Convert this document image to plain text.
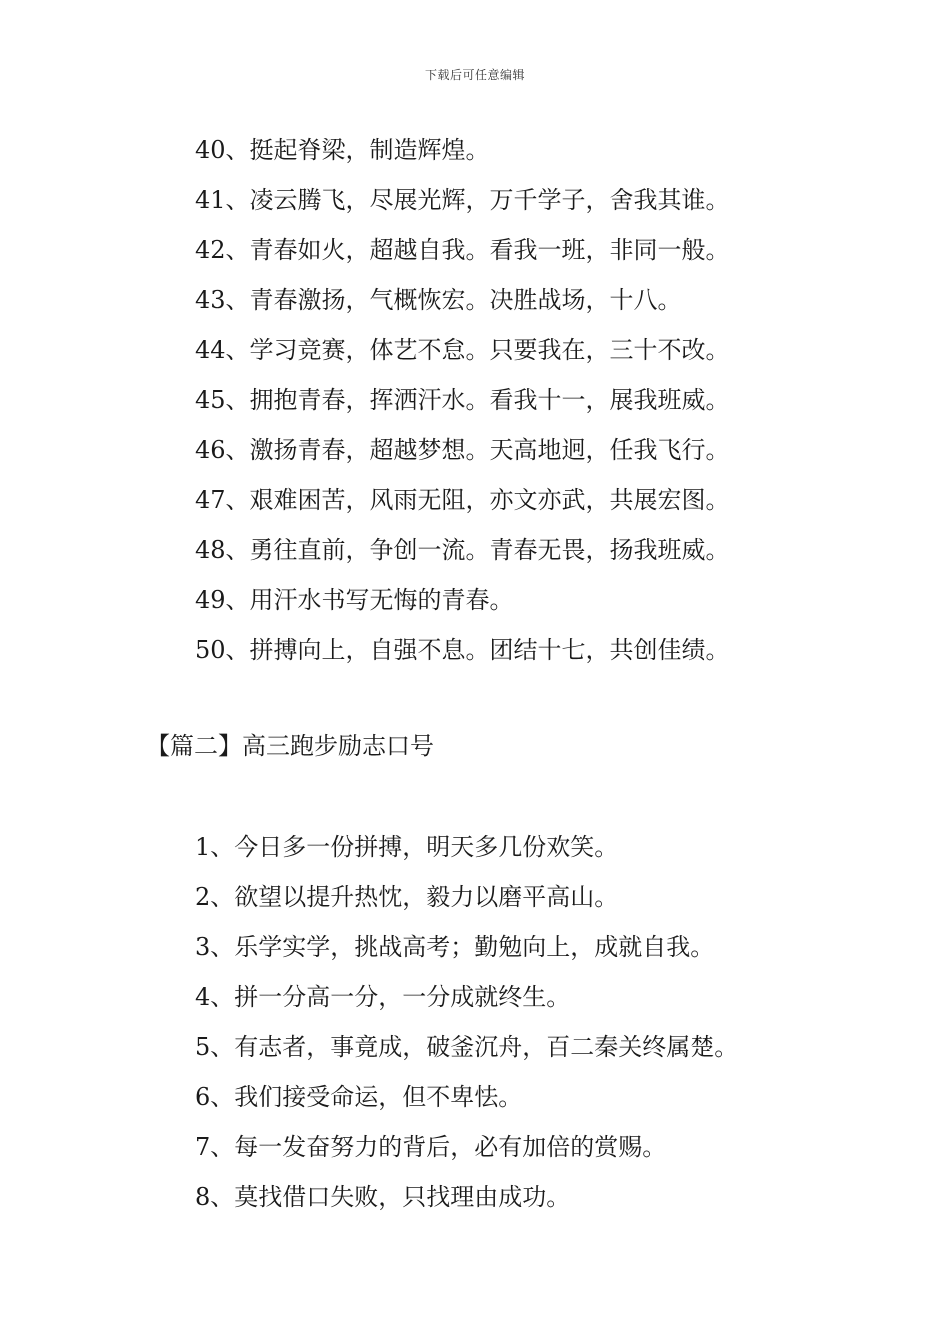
下载后可任意编辑
40、挺起脊梁，制造辉煌。
41、凌云腾飞，尽展光辉，万千学子，舍我其谁。
42、青春如火，超越自我。看我一班，非同一般。
43、青春激扬，气概恢宏。决胜战场，十八。
44、学习竞赛，体艺不怠。只要我在，三十不改。
45、拥抱青春，挥洒汗水。看我十一，展我班威。
46、激扬青春，超越梦想。天高地迥，任我飞行。
47、艰难困苦，风雨无阻，亦文亦武，共展宏图。
48、勇往直前，争创一流。青春无畏，扬我班威。
49、用汗水书写无悔的青春。
50、拼搏向上，自强不息。团结十七，共创佳绩。
【篇二】高三跑步励志口号
1、今日多一份拼搏，明天多几份欢笑。
2、欲望以提升热忱，毅力以磨平高山。
3、乐学实学，挑战高考；勤勉向上，成就自我。
4、拼一分高一分，一分成就终生。
5、有志者，事竟成，破釜沉舟，百二秦关终属楚。
6、我们接受命运，但不卑怯。
7、每一发奋努力的背后，必有加倍的赏赐。
8、莫找借口失败，只找理由成功。
